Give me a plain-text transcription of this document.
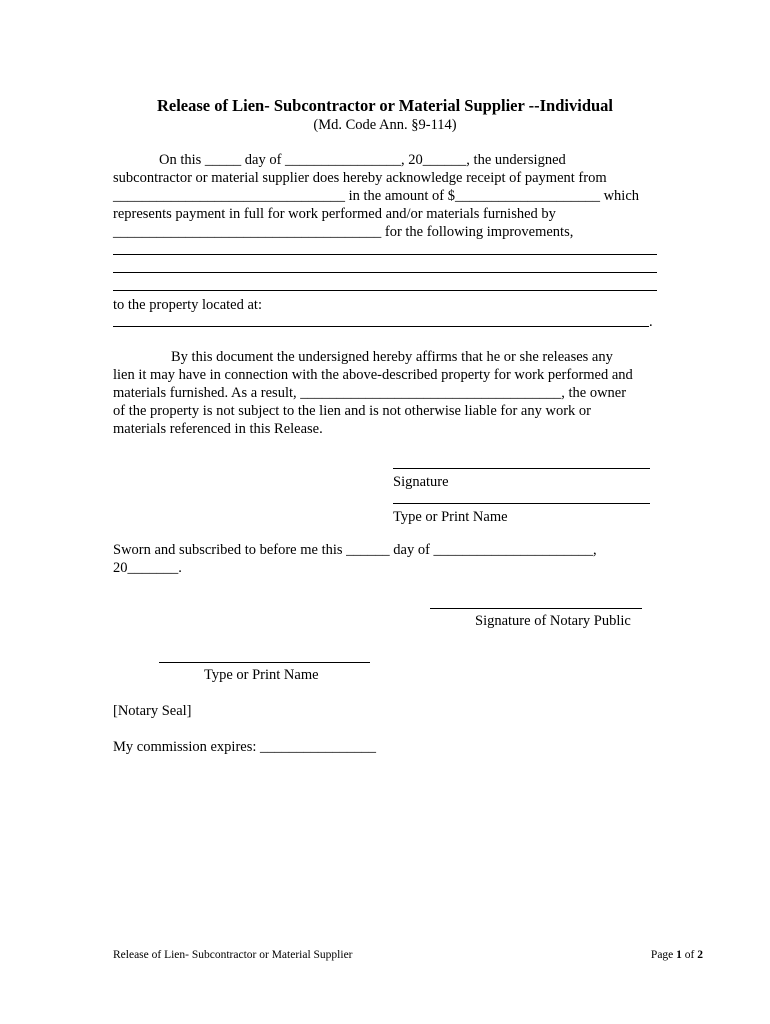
Release of Lien- Subcontractor or Material Supplier --Individual
(Md. Code Ann. §9-114)
On this _____ day of ________________, 20______, the undersigned
subcontractor or material supplier does hereby acknowledge receipt of payment from
________________________________ in the amount of $____________________ which
represents payment in full for work performed and/or materials furnished by
_____________________________________ for the following improvements,
to the property located at:
.
By this document the undersigned hereby affirms that he or she releases any
lien it may have in connection with the above-described property for work performed and
materials furnished. As a result, ____________________________________, the owner
of the property is not subject to the lien and is not otherwise liable for any work or
materials referenced in this Release.
Signature
Type or Print Name
Sworn and subscribed to before me this ______ day of ______________________,
20_______.
Signature of Notary Public
Type or Print Name
[Notary Seal]
My commission expires: ________________
Release of Lien- Subcontractor or Material Supplier	Page 1 of 2
